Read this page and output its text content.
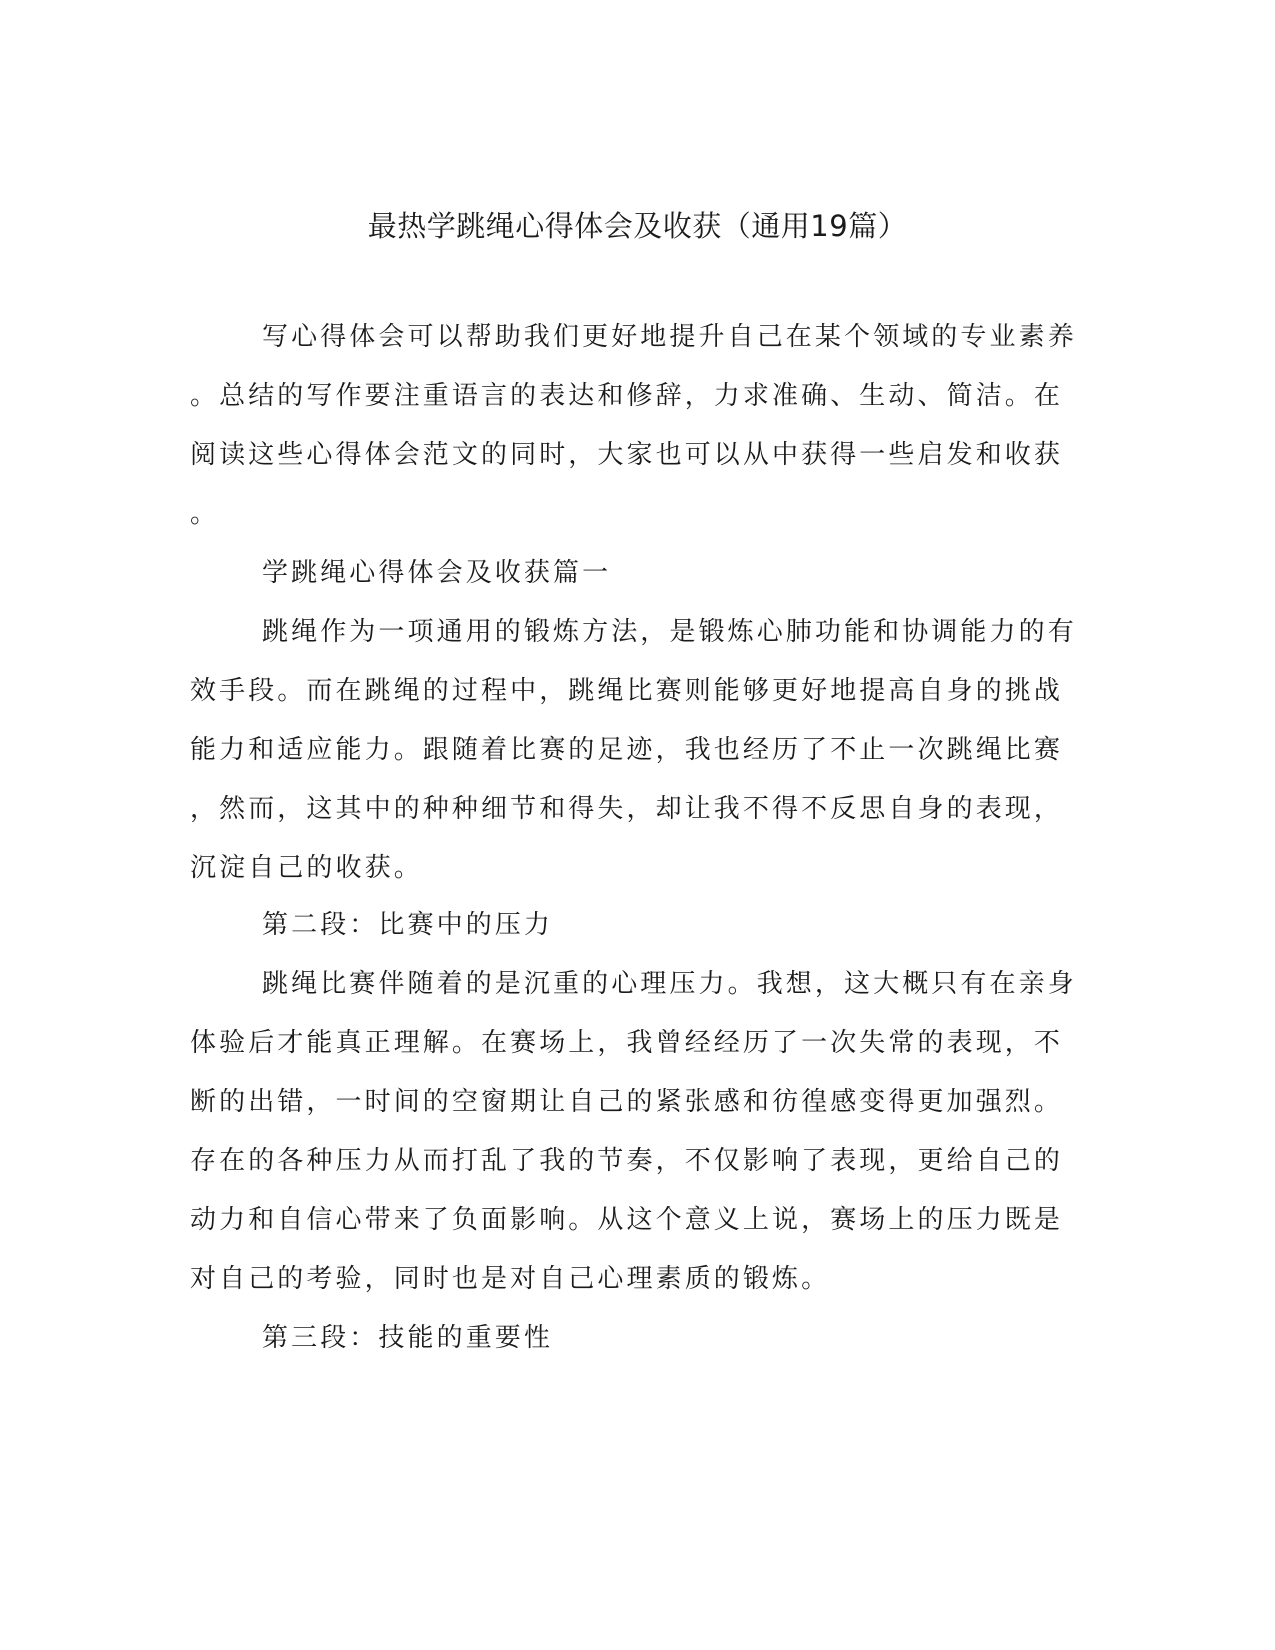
最热学跳绳心得体会及收获（通用19篇）
写心得体会可以帮助我们更好地提升自己在某个领域的专业素养
。总结的写作要注重语言的表达和修辞，力求准确、生动、简洁。在
阅读这些心得体会范文的同时，大家也可以从中获得一些启发和收获
。
学跳绳心得体会及收获篇一
跳绳作为一项通用的锻炼方法，是锻炼心肺功能和协调能力的有
效手段。而在跳绳的过程中，跳绳比赛则能够更好地提高自身的挑战
能力和适应能力。跟随着比赛的足迹，我也经历了不止一次跳绳比赛
，然而，这其中的种种细节和得失，却让我不得不反思自身的表现，
沉淀自己的收获。
第二段：比赛中的压力
跳绳比赛伴随着的是沉重的心理压力。我想，这大概只有在亲身
体验后才能真正理解。在赛场上，我曾经经历了一次失常的表现，不
断的出错，一时间的空窗期让自己的紧张感和彷徨感变得更加强烈。
存在的各种压力从而打乱了我的节奏，不仅影响了表现，更给自己的
动力和自信心带来了负面影响。从这个意义上说，赛场上的压力既是
对自己的考验，同时也是对自己心理素质的锻炼。
第三段：技能的重要性
